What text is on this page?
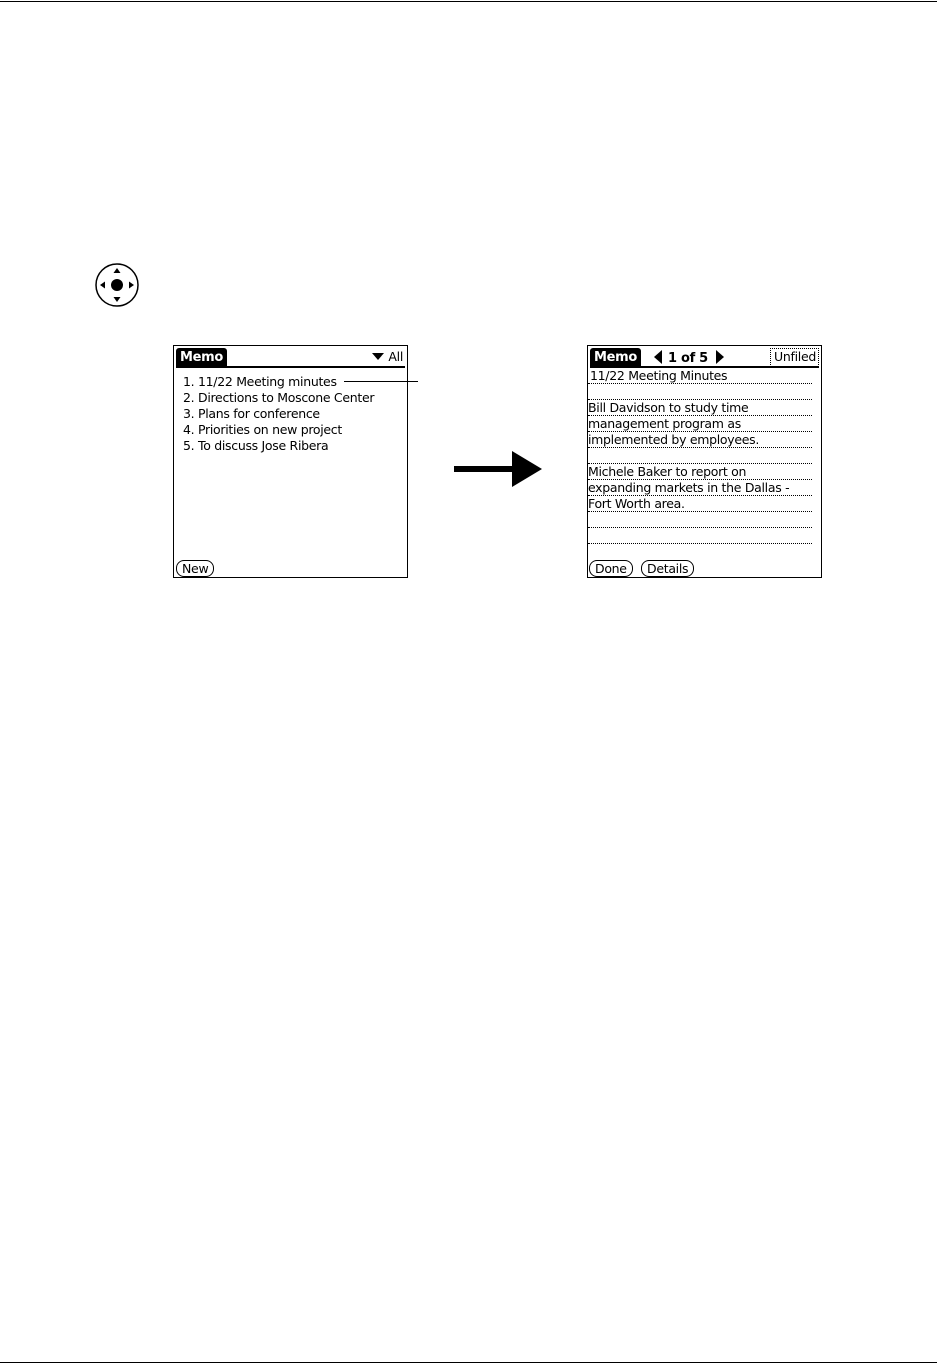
Memo	All
1. 11/22 Meeting minutes
2. Directions to Moscone Center
3. Plans for conference
4. Priorities on new project
5. To discuss Jose Ribera
New
Memo	1 of 5	Unfiled
11/22 Meeting Minutes
Bill Davidson to study time
management program as
implemented by employees.
Michele Baker to report on
expanding markets in the Dallas -
Fort Worth area.
Done	Details
